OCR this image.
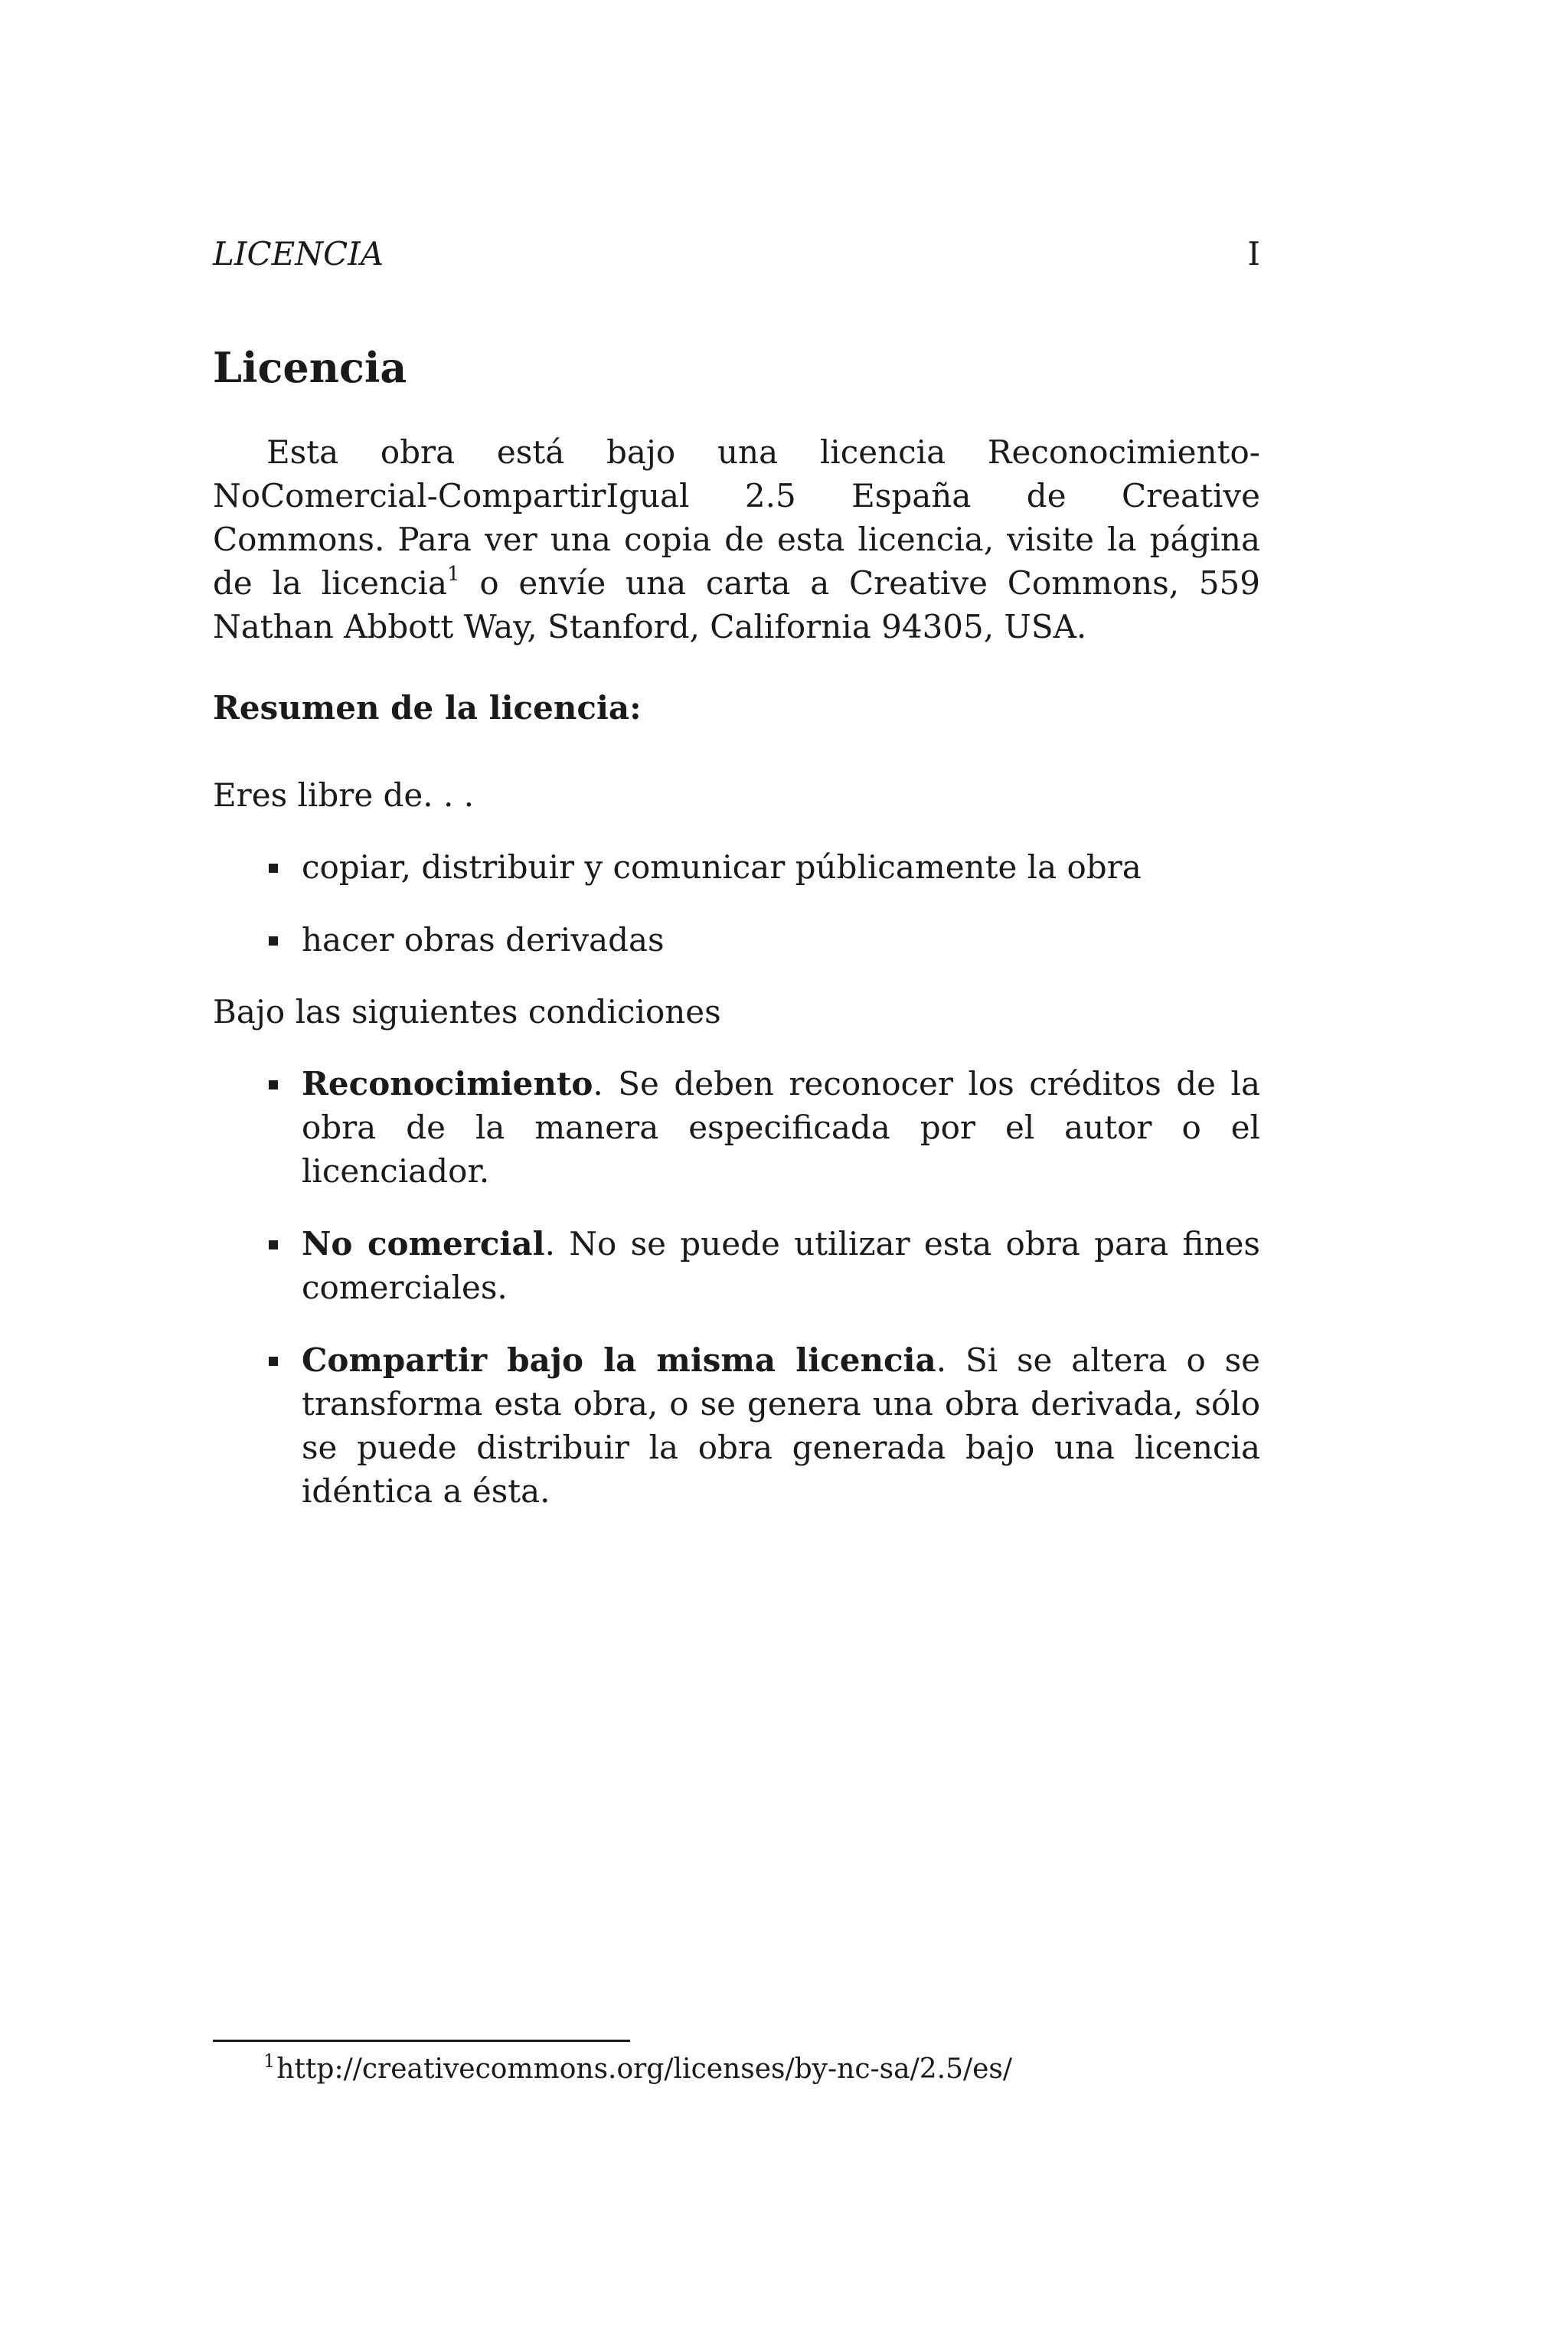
LICENCIA	I
Licencia

Esta obra está bajo una licencia Reconocimiento-NoComercial-CompartirIgual 2.5 España de Creative Commons. Para ver una copia de esta licencia, visite la página de la licencia$^1$ o envíe una carta a Creative Commons, 559 Nathan Abbott Way, Stanford, California 94305, USA.

Resumen de la licencia:
Eres libre de. . .
copiar, distribuir y comunicar públicamente la obra
hacer obras derivadas
Bajo las siguientes condiciones
Reconocimiento. Se deben reconocer los créditos de la obra de la manera especificada por el autor o el licenciador.
No comercial. No se puede utilizar esta obra para fines comerciales.
Compartir bajo la misma licencia. Si se altera o se transforma esta obra, o se genera una obra derivada, sólo se puede distribuir la obra generada bajo una licencia idéntica a ésta.
$^1$http://creativecommons.org/licenses/by-nc-sa/2.5/es/
